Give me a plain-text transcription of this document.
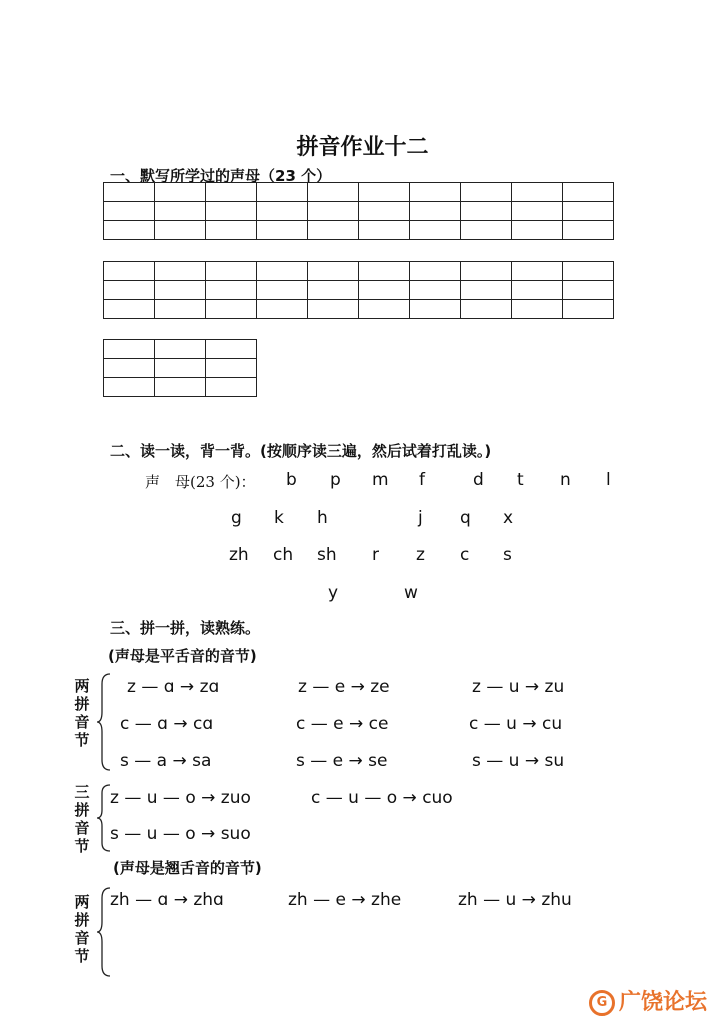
拼音作业十二
一、默写所学过的声母（23 个）

二、读一读，背一背。(按顺序读三遍，然后试着打乱读。)
声　母(23 个)： b p m f	d t n l
g k h	j q x
zh ch sh r z c s
y	w
三、拼一拼，读熟练。
(声母是平舌音的音节)
两拼音节
z — ɑ → zɑ	z — e → ze	z — u → zu
c — ɑ → cɑ	c — e → ce	c — u → cu
s — a → sa	s — e → se	s — u → su
三拼音节
z — u — o → zuo	c — u — o → cuo
s — u — o → suo
(声母是翘舌音的音节)
两拼音节
zh — ɑ → zhɑ	zh — e → zhe	zh — u → zhu
G 广饶论坛
